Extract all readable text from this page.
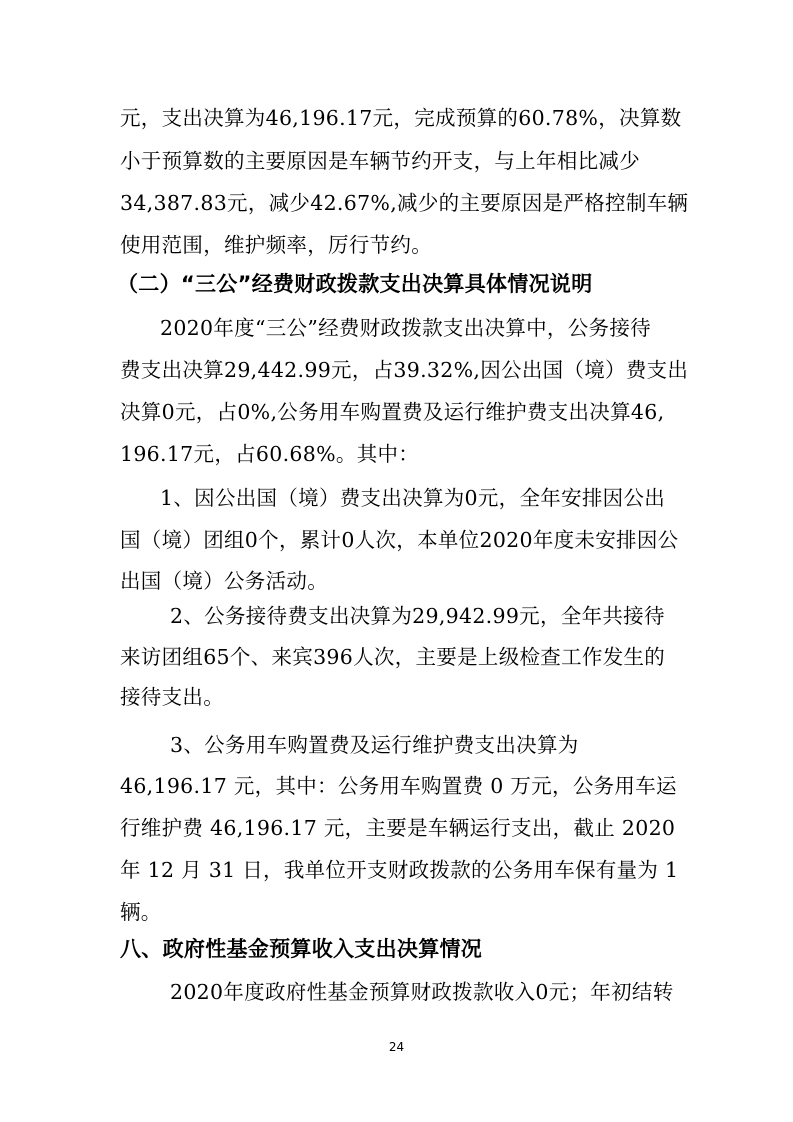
元，支出决算为46,196.17元，完成预算的60.78%，决算数
小于预算数的主要原因是车辆节约开支，与上年相比减少
34,387.83元，减少42.67%,减少的主要原因是严格控制车辆
使用范围，维护频率，厉行节约。
（二）“三公”经费财政拨款支出决算具体情况说明
2020年度“三公”经费财政拨款支出决算中，公务接待
费支出决算29,442.99元，占39.32%,因公出国（境）费支出
决算0元，占0%,公务用车购置费及运行维护费支出决算46,
196.17元，占60.68%。其中：
1、因公出国（境）费支出决算为0元，全年安排因公出
国（境）团组0个，累计0人次，本单位2020年度未安排因公
出国（境）公务活动。
2、公务接待费支出决算为29,942.99元，全年共接待
来访团组65个、来宾396人次，主要是上级检查工作发生的
接待支出。
3、公务用车购置费及运行维护费支出决算为
46,196.17 元，其中：公务用车购置费 0 万元，公务用车运
行维护费 46,196.17 元，主要是车辆运行支出，截止 2020
年 12 月 31 日，我单位开支财政拨款的公务用车保有量为 1
辆。
八、政府性基金预算收入支出决算情况
2020年度政府性基金预算财政拨款收入0元；年初结转
24
